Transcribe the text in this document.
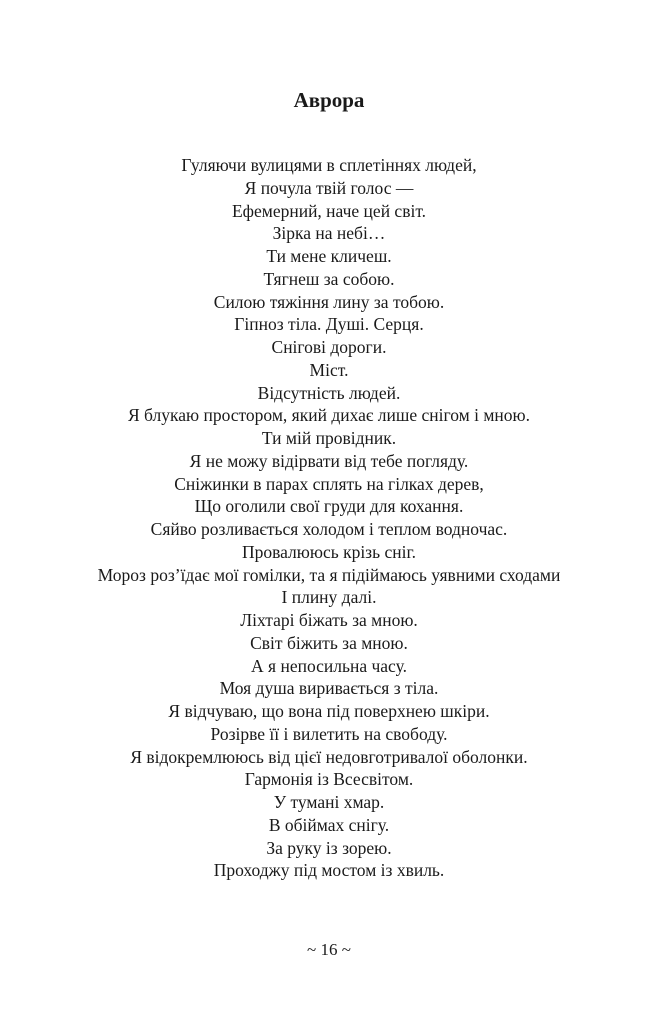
Аврора
Гуляючи вулицями в сплетіннях людей,
Я почула твій голос —
Ефемерний, наче цей світ.
Зірка на небі…
Ти мене кличеш.
Тягнеш за собою.
Силою тяжіння лину за тобою.
Гіпноз тіла. Душі. Серця.
Снігові дороги.
Міст.
Відсутність людей.
Я блукаю простором, який дихає лише снігом і мною.
Ти мій провідник.
Я не можу відірвати від тебе погляду.
Сніжинки в парах сплять на гілках дерев,
Що оголили свої груди для кохання.
Сяйво розливається холодом і теплом водночас.
Провалююсь крізь сніг.
Мороз роз’їдає мої гомілки, та я підіймаюсь уявними сходами
І плину далі.
Ліхтарі біжать за мною.
Світ біжить за мною.
А я непосильна часу.
Моя душа виривається з тіла.
Я відчуваю, що вона під поверхнею шкіри.
Розірве її і вилетить на свободу.
Я відокремлююсь від цієї недовготривалої оболонки.
Гармонія із Всесвітом.
У тумані хмар.
В обіймах снігу.
За руку із зорею.
Проходжу під мостом із хвиль.
~ 16 ~
